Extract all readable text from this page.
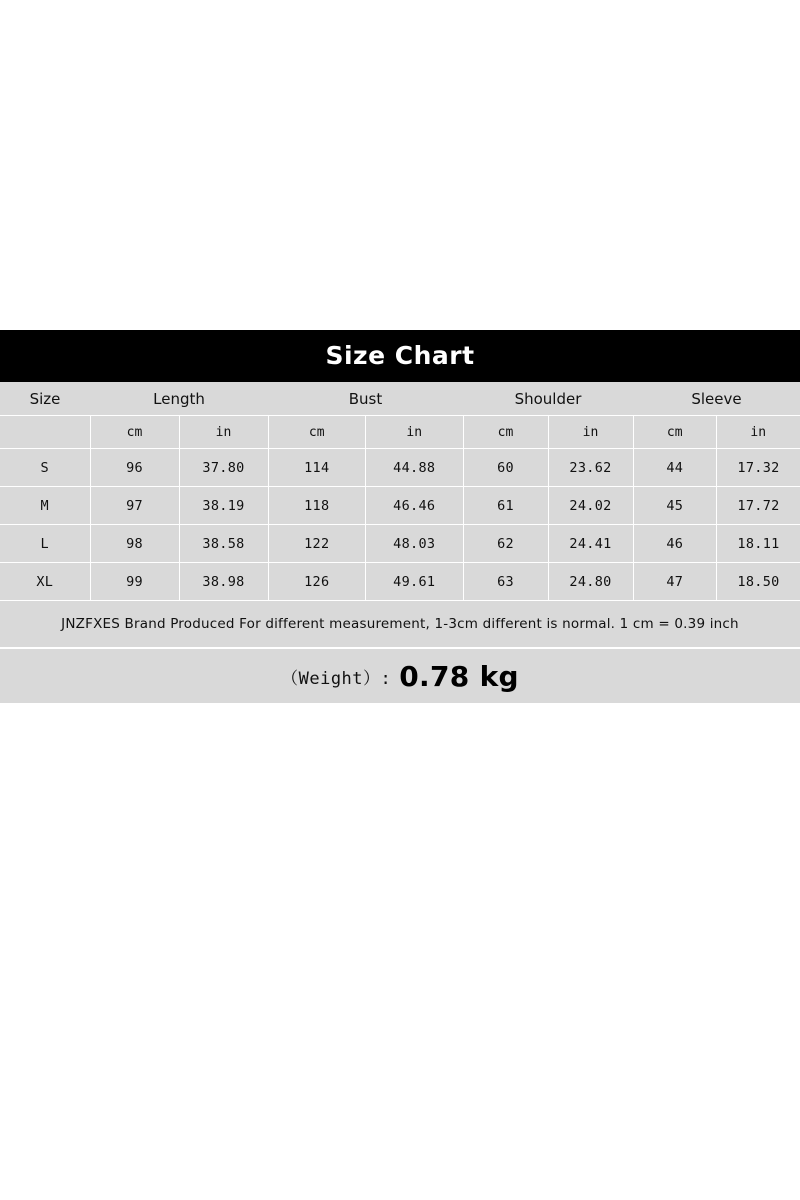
Size Chart
Size	Length		Bust		Shoulder		Sleeve	
	cm	in	cm	in	cm	in	cm	in
S	96	37.80	114	44.88	60	23.62	44	17.32
M	97	38.19	118	46.46	61	24.02	45	17.72
L	98	38.58	122	48.03	62	24.41	46	18.11
XL	99	38.98	126	49.61	63	24.80	47	18.50
JNZFXES Brand Produced For different measurement, 1-3cm different is normal. 1 cm = 0.39 inch								
（Weight）: 0.78 kg
